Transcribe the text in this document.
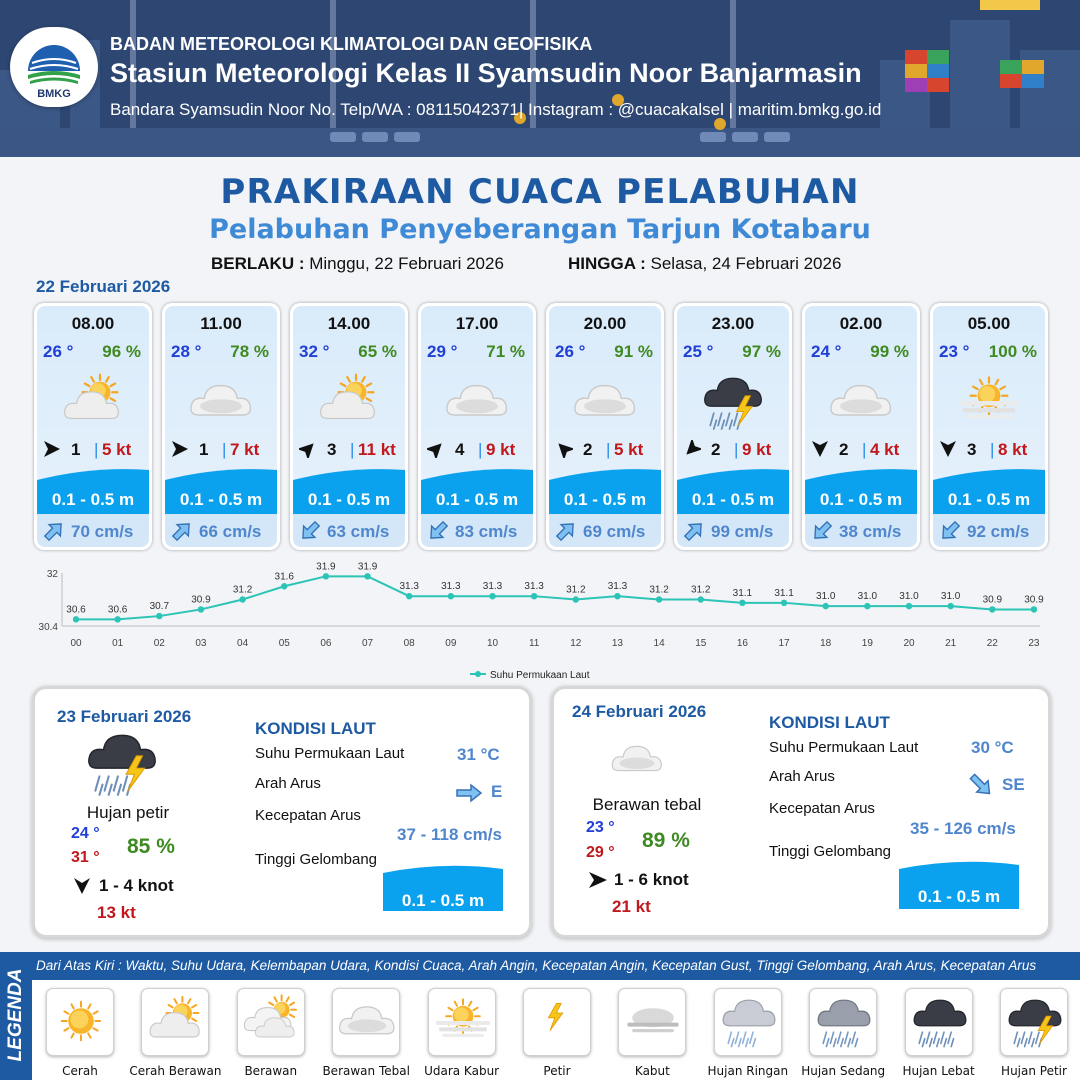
BMKG
BADAN METEOROLOGI KLIMATOLOGI DAN GEOFISIKA
Stasiun Meteorologi Kelas II Syamsudin Noor Banjarmasin
Bandara Syamsudin Noor No. Telp/WA : 08115042371| Instagram : @cuacakalsel | maritim.bmkg.go.id
PRAKIRAAN CUACA PELABUHAN
Pelabuhan Penyeberangan Tarjun Kotabaru
BERLAKU : Minggu, 22 Februari 2026	HINGGA : Selasa, 24 Februari 2026
22 Februari 2026
08.00
26 ° 96 %
1 | 5 kt
0.1 - 0.5 m
70 cm/s
11.00
28 ° 78 %
1 | 7 kt
0.1 - 0.5 m
66 cm/s
14.00
32 ° 65 %
3 | 11 kt
0.1 - 0.5 m
63 cm/s
17.00
29 ° 71 %
4 | 9 kt
0.1 - 0.5 m
83 cm/s
20.00
26 ° 91 %
2 | 5 kt
0.1 - 0.5 m
69 cm/s
23.00
25 ° 97 %
2 | 9 kt
0.1 - 0.5 m
99 cm/s
02.00
24 ° 99 %
2 | 4 kt
0.1 - 0.5 m
38 cm/s
05.00
23 ° 100 %
3 | 8 kt
0.1 - 0.5 m
92 cm/s
32
30.4
30.6
00
30.6
01
30.7
02
30.9
03
31.2
04
31.6
05
31.9
06
31.9
07
31.3
08
31.3
09
31.3
10
31.3
11
31.2
12
31.3
13
31.2
14
31.2
15
31.1
16
31.1
17
31.0
18
31.0
19
31.0
20
31.0
21
30.9
22
30.9
23
Suhu Permukaan Laut
23 Februari 2026
Hujan petir
24 °
31 ° 85 %
1 - 4 knot
13 kt
KONDISI LAUT
Suhu Permukaan Laut	31 °C
Arah Arus	E
Kecepatan Arus
37 - 118 cm/s
Tinggi Gelombang
0.1 - 0.5 m
24 Februari 2026
Berawan tebal
23 °
29 °
89 %
1 - 6 knot
21 kt
KONDISI LAUT
Suhu Permukaan Laut	30 °C
Arah Arus	SE
Kecepatan Arus
35 - 126 cm/s
Tinggi Gelombang
0.1 - 0.5 m
LEGENDA
Dari Atas Kiri : Waktu, Suhu Udara, Kelembapan Udara, Kondisi Cuaca, Arah Angin, Kecepatan Angin, Kecepatan Gust, Tinggi Gelombang, Arah Arus, Kecepatan Arus
Cerah	Cerah Berawan	Berawan	Berawan Tebal	Udara Kabur	Petir	Kabut	Hujan Ringan	Hujan Sedang	Hujan Lebat	Hujan Petir
